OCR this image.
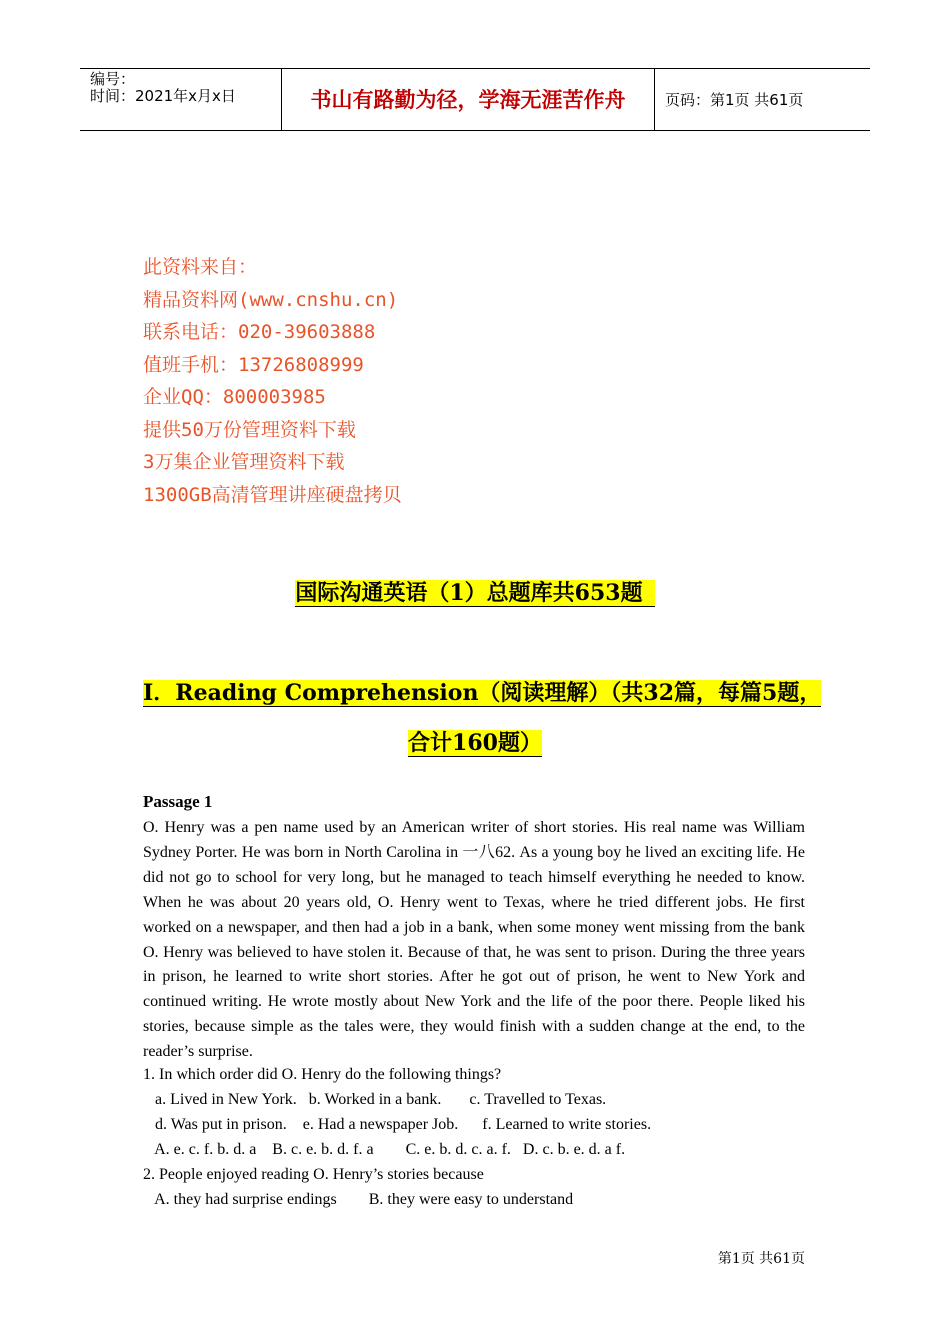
编号：
时间：2021年x月x日	书山有路勤为径，学海无涯苦作舟	页码：第1页 共61页
此资料来自：
精品资料网(www.cnshu.cn)
联系电话：020-39603888
值班手机：13726808999
企业QQ：800003985
提供50万份管理资料下载
3万集企业管理资料下载
1300GB高清管理讲座硬盘拷贝
国际沟通英语（1）总题库共653题
I．Reading Comprehension（阅读理解）（共32篇，每篇5题，
合计160题）
Passage 1
O. Henry was a pen name used by an American writer of short stories. His real name was William Sydney Porter. He was born in North Carolina in 一八62. As a young boy he lived an exciting life. He did not go to school for very long, but he managed to teach himself everything he needed to know. When he was about 20 years old, O. Henry went to Texas, where he tried different jobs. He first worked on a newspaper, and then had a job in a bank, when some money went missing from the bank O. Henry was believed to have stolen it. Because of that, he was sent to prison. During the three years in prison, he learned to write short stories. After he got out of prison, he went to New York and continued writing. He wrote mostly about New York and the life of the poor there. People liked his stories, because simple as the tales were, they would finish with a sudden change at the end, to the reader’s surprise.
1. In which order did O. Henry do the following things?
a. Lived in New York.   b. Worked in a bank.       c. Travelled to Texas.
d. Was put in prison.    e. Had a newspaper Job.      f. Learned to write stories.
A. e. c. f. b. d. a    B. c. e. b. d. f. a        C. e. b. d. c. a. f.   D. c. b. e. d. a f.
2. People enjoyed reading O. Henry’s stories because
A. they had surprise endings        B. they were easy to understand
第1页 共61页
